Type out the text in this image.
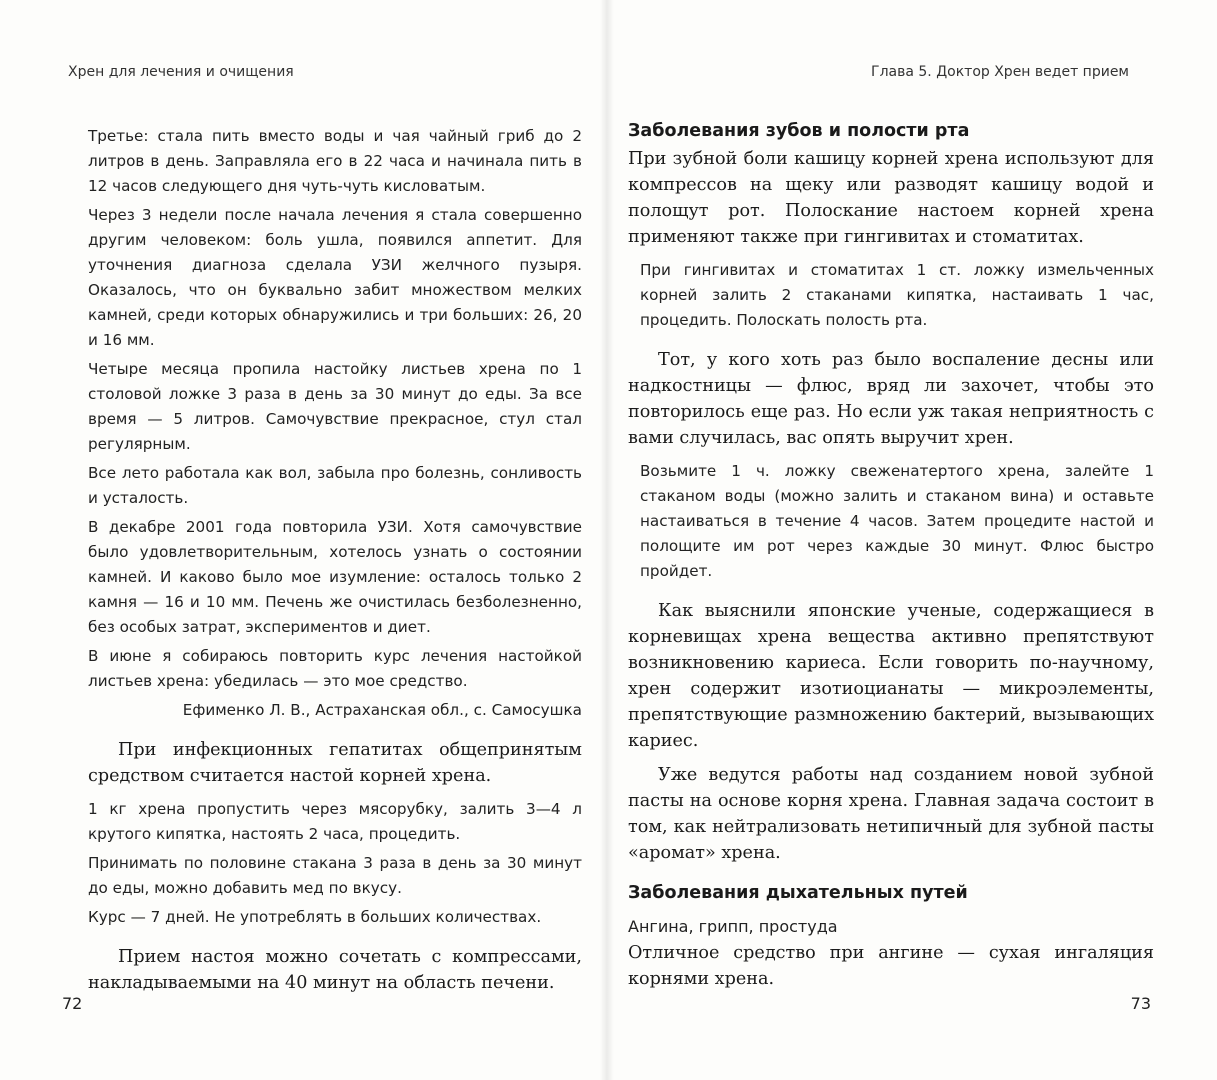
Хрен для лечения и очищения

Третье: стала пить вместо воды и чая чайный гриб до 2 литров в день. Заправляла его в 22 часа и начинала пить в 12 часов следующего дня чуть-чуть кисловатым.

Через 3 недели после начала лечения я стала совершенно другим человеком: боль ушла, появился аппетит. Для уточнения диагноза сделала УЗИ желчного пузыря. Оказалось, что он буквально забит множеством мелких камней, среди которых обнаружились и три больших: 26, 20 и 16 мм.

Четыре месяца пропила настойку листьев хрена по 1 столовой ложке 3 раза в день за 30 минут до еды. За все время — 5 литров. Самочувствие прекрасное, стул стал регулярным.

Все лето работала как вол, забыла про болезнь, сонливость и усталость.

В декабре 2001 года повторила УЗИ. Хотя самочувствие было удовлетворительным, хотелось узнать о состоянии камней. И каково было мое изумление: осталось только 2 камня — 16 и 10 мм. Печень же очистилась безболезненно, без особых затрат, экспериментов и диет.

В июне я собираюсь повторить курс лечения настойкой листьев хрена: убедилась — это мое средство.

Ефименко Л. В., Астраханская обл., с. Самосушка

При инфекционных гепатитах общепринятым средством считается настой корней хрена.

1 кг хрена пропустить через мясорубку, залить 3—4 л крутого кипятка, настоять 2 часа, процедить.

Принимать по половине стакана 3 раза в день за 30 минут до еды, можно добавить мед по вкусу.

Курс — 7 дней. Не употреблять в больших количествах.

Прием настоя можно сочетать с компрессами, накладываемыми на 40 минут на область печени.

72
Глава 5. Доктор Хрен ведет прием
Заболевания зубов и полости рта

При зубной боли кашицу корней хрена используют для компрессов на щеку или разводят кашицу водой и полощут рот. Полоскание настоем корней хрена применяют также при гингивитах и стоматитах.

При гингивитах и стоматитах 1 ст. ложку измельченных корней залить 2 стаканами кипятка, настаивать 1 час, процедить. Полоскать полость рта.

Тот, у кого хоть раз было воспаление десны или надкостницы — флюс, вряд ли захочет, чтобы это повторилось еще раз. Но если уж такая неприятность с вами случилась, вас опять выручит хрен.

Возьмите 1 ч. ложку свеженатертого хрена, залейте 1 стаканом воды (можно залить и стаканом вина) и оставьте настаиваться в течение 4 часов. Затем процедите настой и полощите им рот через каждые 30 минут. Флюс быстро пройдет.

Как выяснили японские ученые, содержащиеся в корневищах хрена вещества активно препятствуют возникновению кариеса. Если говорить по-научному, хрен содержит изотиоцианаты — микроэлементы, препятствующие размножению бактерий, вызывающих кариес.

Уже ведутся работы над созданием новой зубной пасты на основе корня хрена. Главная задача состоит в том, как нейтрализовать нетипичный для зубной пасты «аромат» хрена.

Заболевания дыхательных путей
Ангина, грипп, простуда

Отличное средство при ангине — сухая ингаляция корнями хрена.

73
